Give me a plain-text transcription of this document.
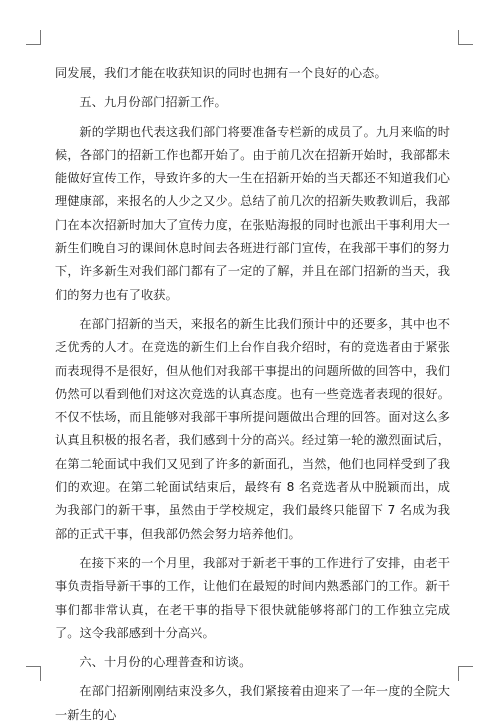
同发展，我们才能在收获知识的同时也拥有一个良好的心态。

五、九月份部门招新工作。

新的学期也代表这我们部门将要准备专栏新的成员了。九月来临的时候，各部门的招新工作也都开始了。由于前几次在招新开始时，我部都未能做好宣传工作，导致许多的大一生在招新开始的当天都还不知道我们心理健康部，来报名的人少之又少。总结了前几次的招新失败教训后，我部门在本次招新时加大了宣传力度，在张贴海报的同时也派出干事利用大一新生们晚自习的课间休息时间去各班进行部门宣传，在我部干事们的努力下，许多新生对我们部门都有了一定的了解，并且在部门招新的当天，我们的努力也有了收获。

在部门招新的当天，来报名的新生比我们预计中的还要多，其中也不乏优秀的人才。在竞选的新生们上台作自我介绍时，有的竞选者由于紧张而表现得不是很好，但从他们对我部干事提出的问题所做的回答中，我们仍然可以看到他们对这次竞选的认真态度。也有一些竞选者表现的很好。不仅不怯场，而且能够对我部干事所提问题做出合理的回答。面对这么多认真且积极的报名者，我们感到十分的高兴。经过第一轮的激烈面试后，在第二轮面试中我们又见到了许多的新面孔，当然，他们也同样受到了我们的欢迎。在第二轮面试结束后，最终有 8 名竞选者从中脱颖而出，成为我部门的新干事，虽然由于学校规定，我们最终只能留下 7 名成为我部的正式干事，但我部仍然会努力培养他们。

在接下来的一个月里，我部对于新老干事的工作进行了安排，由老干事负责指导新干事的工作，让他们在最短的时间内熟悉部门的工作。新干事们都非常认真，在老干事的指导下很快就能够将部门的工作独立完成了。这令我部感到十分高兴。

六、十月份的心理普查和访谈。

在部门招新刚刚结束没多久，我们紧接着由迎来了一年一度的全院大一新生的心
